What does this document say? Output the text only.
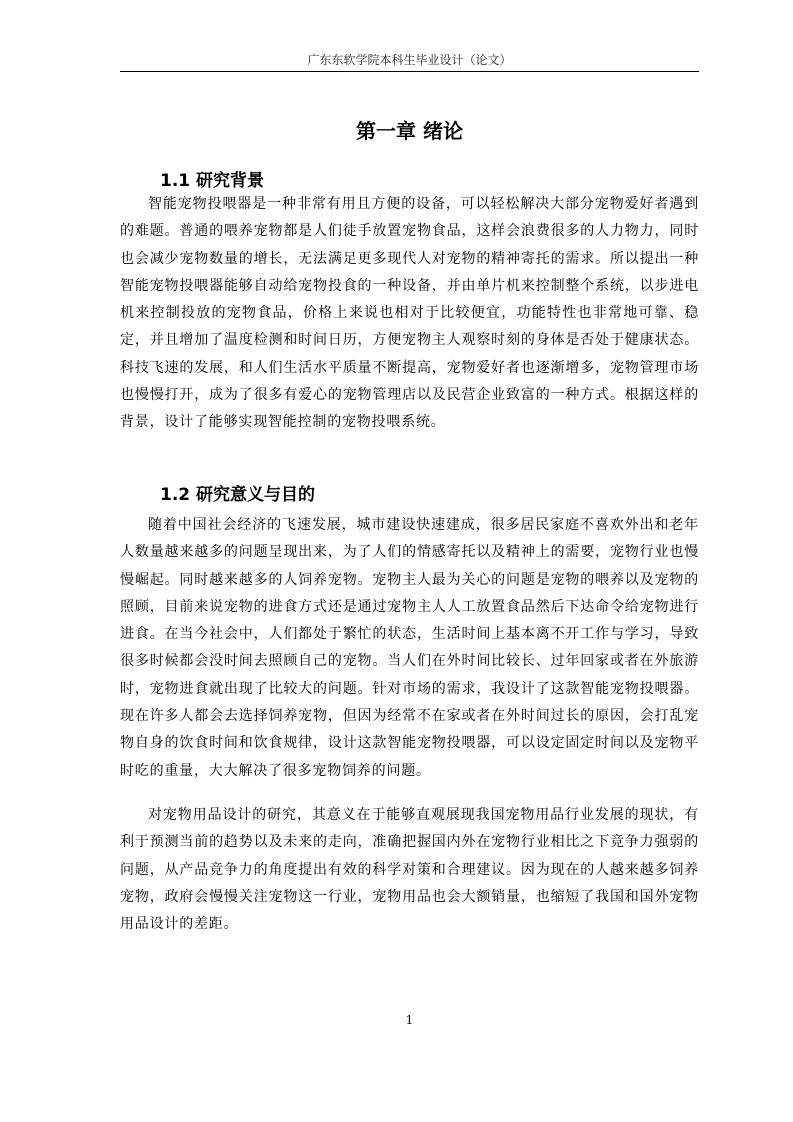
广东东软学院本科生毕业设计（论文）
第一章 绪论
1.1 研究背景

智能宠物投喂器是一种非常有用且方便的设备，可以轻松解决大部分宠物爱好者遇到的难题。普通的喂养宠物都是人们徒手放置宠物食品，这样会浪费很多的人力物力，同时也会减少宠物数量的增长，无法满足更多现代人对宠物的精神寄托的需求。所以提出一种智能宠物投喂器能够自动给宠物投食的一种设备，并由单片机来控制整个系统，以步进电机来控制投放的宠物食品，价格上来说也相对于比较便宜，功能特性也非常地可靠、稳定，并且增加了温度检测和时间日历，方便宠物主人观察时刻的身体是否处于健康状态。科技飞速的发展，和人们生活水平质量不断提高，宠物爱好者也逐渐增多，宠物管理市场也慢慢打开，成为了很多有爱心的宠物管理店以及民营企业致富的一种方式。根据这样的背景，设计了能够实现智能控制的宠物投喂系统。

1.2 研究意义与目的

随着中国社会经济的飞速发展，城市建设快速建成，很多居民家庭不喜欢外出和老年人数量越来越多的问题呈现出来，为了人们的情感寄托以及精神上的需要，宠物行业也慢慢崛起。同时越来越多的人饲养宠物。宠物主人最为关心的问题是宠物的喂养以及宠物的照顾，目前来说宠物的进食方式还是通过宠物主人人工放置食品然后下达命令给宠物进行进食。在当今社会中，人们都处于繁忙的状态，生活时间上基本离不开工作与学习，导致很多时候都会没时间去照顾自己的宠物。当人们在外时间比较长、过年回家或者在外旅游时，宠物进食就出现了比较大的问题。针对市场的需求，我设计了这款智能宠物投喂器。现在许多人都会去选择饲养宠物，但因为经常不在家或者在外时间过长的原因，会打乱宠物自身的饮食时间和饮食规律，设计这款智能宠物投喂器，可以设定固定时间以及宠物平时吃的重量，大大解决了很多宠物饲养的问题。

对宠物用品设计的研究，其意义在于能够直观展现我国宠物用品行业发展的现状，有利于预测当前的趋势以及未来的走向，准确把握国内外在宠物行业相比之下竞争力强弱的问题，从产品竞争力的角度提出有效的科学对策和合理建议。因为现在的人越来越多饲养宠物，政府会慢慢关注宠物这一行业，宠物用品也会大额销量，也缩短了我国和国外宠物用品设计的差距。

1
